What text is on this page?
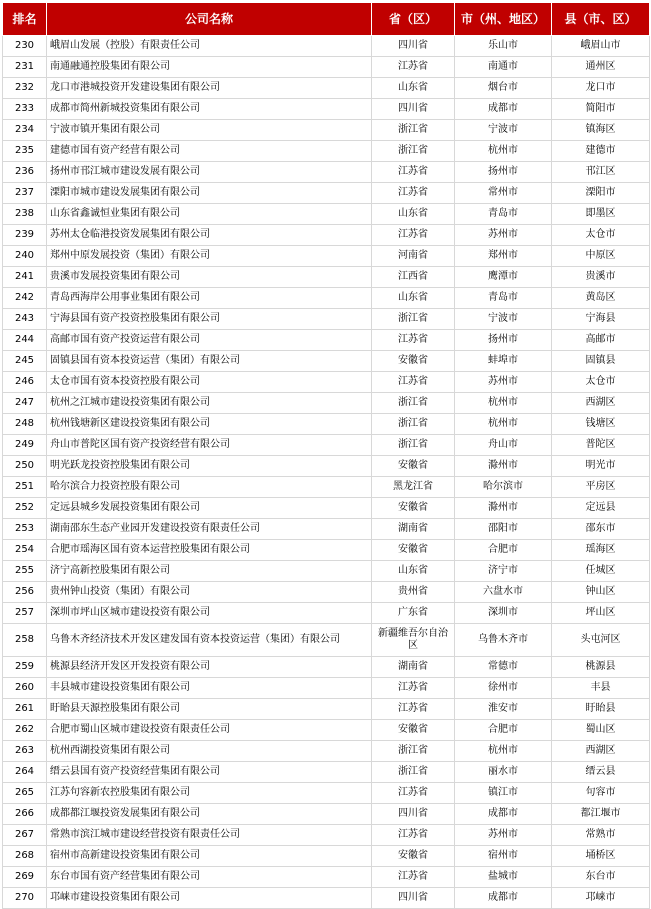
排名	公司名称	省（区）	市（州、地区）	县（市、区）
230	峨眉山发展（控股）有限责任公司	四川省	乐山市	峨眉山市
231	南通融通控股集团有限公司	江苏省	南通市	通州区
232	龙口市港城投资开发建设集团有限公司	山东省	烟台市	龙口市
233	成都市简州新城投资集团有限公司	四川省	成都市	简阳市
234	宁波市镇开集团有限公司	浙江省	宁波市	镇海区
235	建德市国有资产经营有限公司	浙江省	杭州市	建德市
236	扬州市邗江城市建设发展有限公司	江苏省	扬州市	邗江区
237	溧阳市城市建设发展集团有限公司	江苏省	常州市	溧阳市
238	山东省鑫诚恒业集团有限公司	山东省	青岛市	即墨区
239	苏州太仓临港投资发展集团有限公司	江苏省	苏州市	太仓市
240	郑州中原发展投资（集团）有限公司	河南省	郑州市	中原区
241	贵溪市发展投资集团有限公司	江西省	鹰潭市	贵溪市
242	青岛西海岸公用事业集团有限公司	山东省	青岛市	黄岛区
243	宁海县国有资产投资控股集团有限公司	浙江省	宁波市	宁海县
244	高邮市国有资产投资运营有限公司	江苏省	扬州市	高邮市
245	固镇县国有资本投资运营（集团）有限公司	安徽省	蚌埠市	固镇县
246	太仓市国有资本投资控股有限公司	江苏省	苏州市	太仓市
247	杭州之江城市建设投资集团有限公司	浙江省	杭州市	西湖区
248	杭州钱塘新区建设投资集团有限公司	浙江省	杭州市	钱塘区
249	舟山市普陀区国有资产投资经营有限公司	浙江省	舟山市	普陀区
250	明光跃龙投资控股集团有限公司	安徽省	滁州市	明光市
251	哈尔滨合力投资控股有限公司	黑龙江省	哈尔滨市	平房区
252	定远县城乡发展投资集团有限公司	安徽省	滁州市	定远县
253	湖南邵东生态产业园开发建设投资有限责任公司	湖南省	邵阳市	邵东市
254	合肥市瑶海区国有资本运营控股集团有限公司	安徽省	合肥市	瑶海区
255	济宁高新控股集团有限公司	山东省	济宁市	任城区
256	贵州钟山投资（集团）有限公司	贵州省	六盘水市	钟山区
257	深圳市坪山区城市建设投资有限公司	广东省	深圳市	坪山区
258	乌鲁木齐经济技术开发区建发国有资本投资运营（集团）有限公司	新疆维吾尔自治区	乌鲁木齐市	头屯河区
259	桃源县经济开发区开发投资有限公司	湖南省	常德市	桃源县
260	丰县城市建设投资集团有限公司	江苏省	徐州市	丰县
261	盱眙县天源控股集团有限公司	江苏省	淮安市	盱眙县
262	合肥市蜀山区城市建设投资有限责任公司	安徽省	合肥市	蜀山区
263	杭州西湖投资集团有限公司	浙江省	杭州市	西湖区
264	缙云县国有资产投资经营集团有限公司	浙江省	丽水市	缙云县
265	江苏句容新农控股集团有限公司	江苏省	镇江市	句容市
266	成都都江堰投资发展集团有限公司	四川省	成都市	都江堰市
267	常熟市滨江城市建设经营投资有限责任公司	江苏省	苏州市	常熟市
268	宿州市高新建设投资集团有限公司	安徽省	宿州市	埇桥区
269	东台市国有资产经营集团有限公司	江苏省	盐城市	东台市
270	邛崃市建设投资集团有限公司	四川省	成都市	邛崃市
